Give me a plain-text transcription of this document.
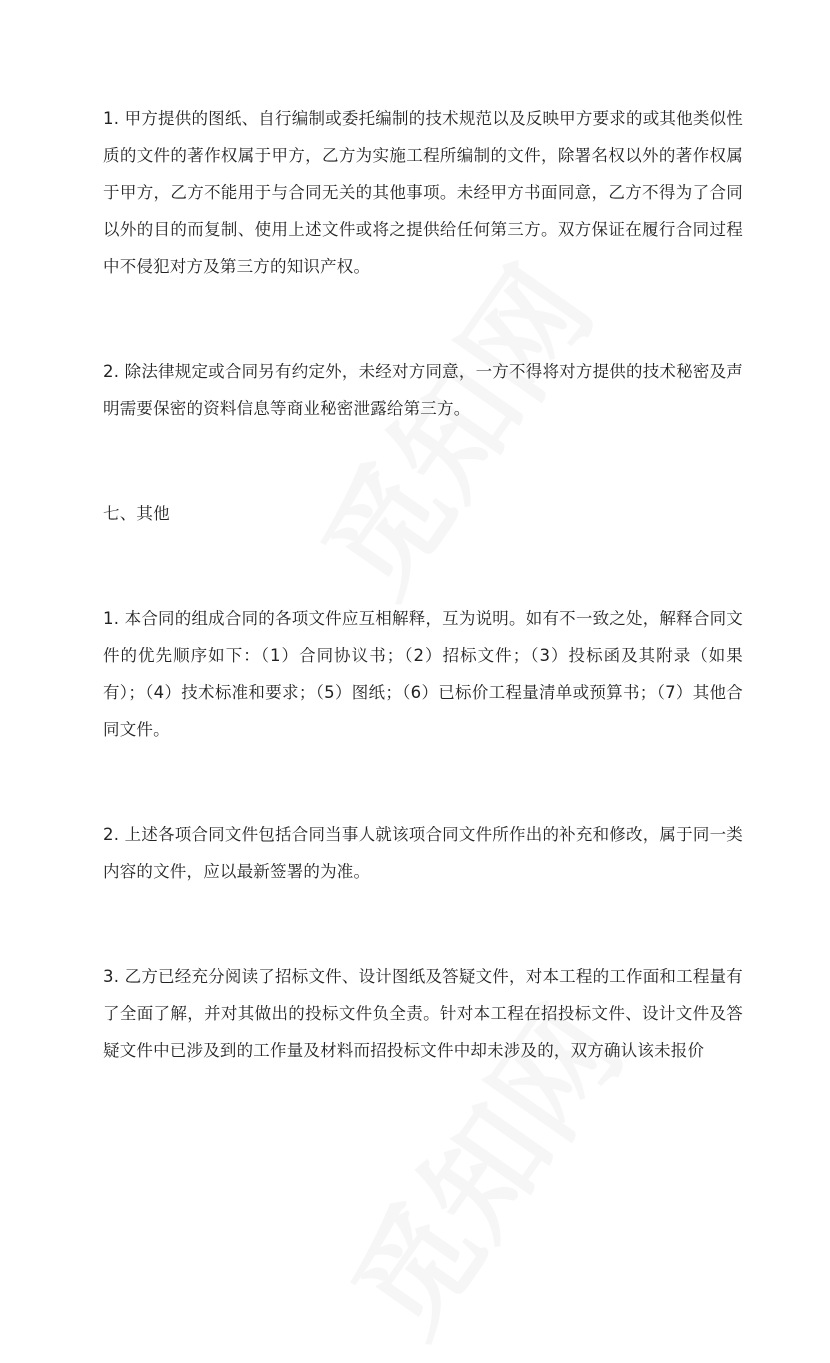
1. 甲方提供的图纸、自行编制或委托编制的技术规范以及反映甲方要求的或其他类似性质的文件的著作权属于甲方，乙方为实施工程所编制的文件，除署名权以外的著作权属于甲方，乙方不能用于与合同无关的其他事项。未经甲方书面同意，乙方不得为了合同以外的目的而复制、使用上述文件或将之提供给任何第三方。双方保证在履行合同过程中不侵犯对方及第三方的知识产权。

2. 除法律规定或合同另有约定外，未经对方同意，一方不得将对方提供的技术秘密及声明需要保密的资料信息等商业秘密泄露给第三方。

七、其他

1. 本合同的组成合同的各项文件应互相解释，互为说明。如有不一致之处，解释合同文件的优先顺序如下：（1）合同协议书；（2）招标文件；（3）投标函及其附录（如果有）；（4）技术标准和要求；（5）图纸；（6）已标价工程量清单或预算书；（7）其他合同文件。

2. 上述各项合同文件包括合同当事人就该项合同文件所作出的补充和修改，属于同一类内容的文件，应以最新签署的为准。

3. 乙方已经充分阅读了招标文件、设计图纸及答疑文件，对本工程的工作面和工程量有了全面了解，并对其做出的投标文件负全责。针对本工程在招投标文件、设计文件及答疑文件中已涉及到的工作量及材料而招投标文件中却未涉及的，双方确认该未报价
